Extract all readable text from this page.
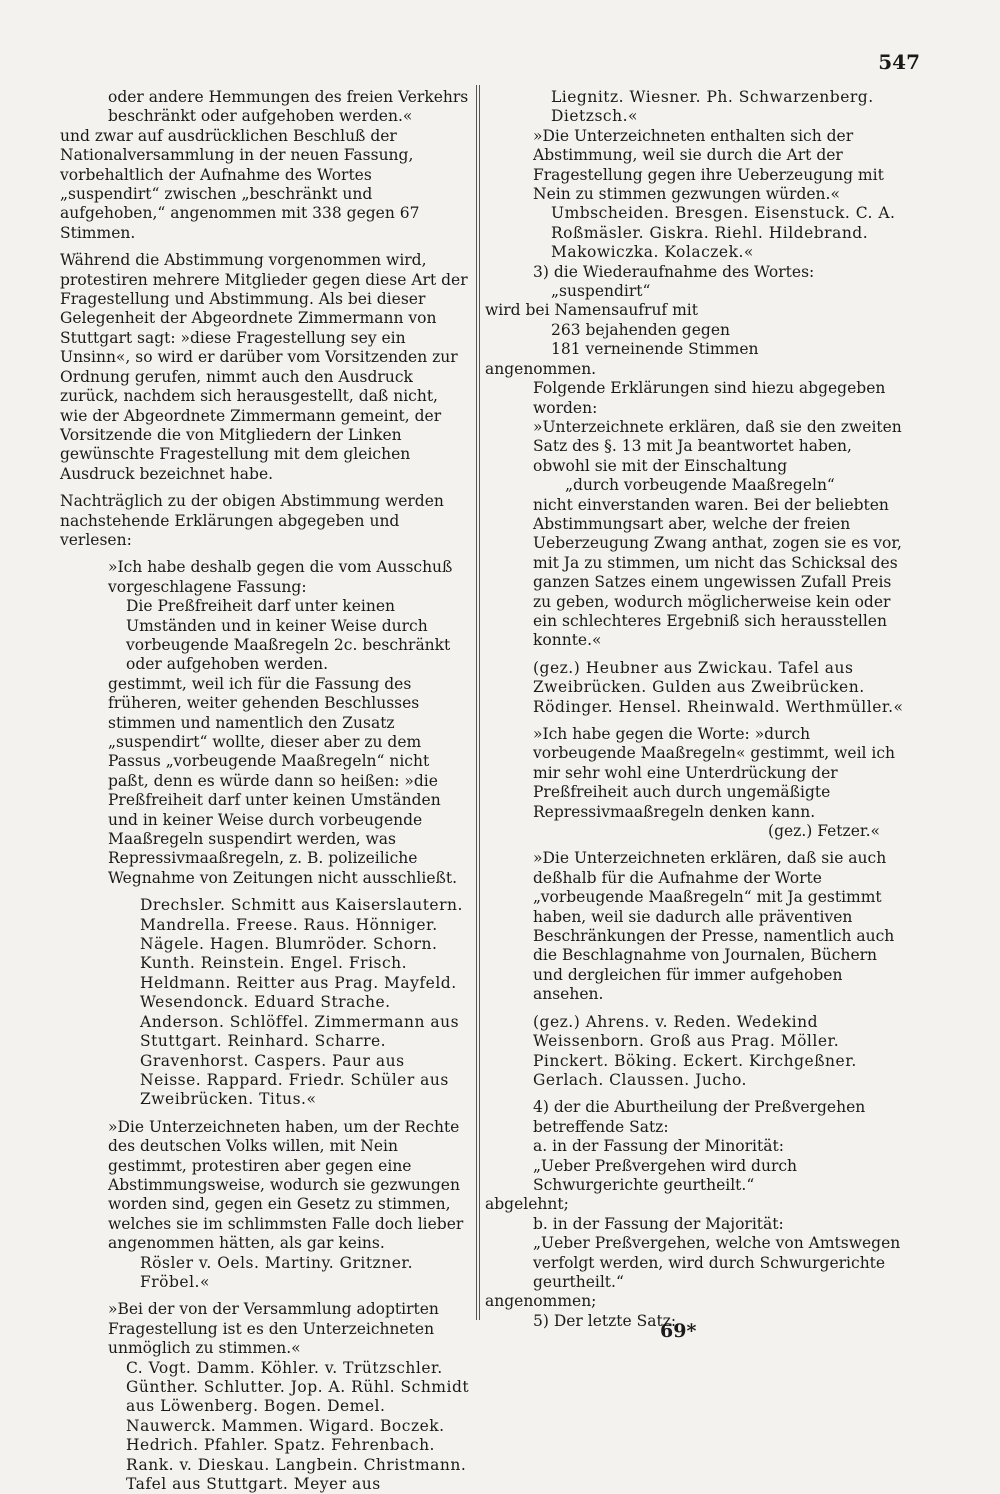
547

oder andere Hemmungen des freien Verkehrs beschränkt oder aufgehoben werden.«

und zwar auf ausdrücklichen Beschluß der Nationalversammlung in der neuen Fassung, vorbehaltlich der Aufnahme des Wortes „suspendirt“ zwischen „beschränkt und aufgehoben,“ angenommen mit 338 gegen 67 Stimmen.

Während die Abstimmung vorgenommen wird, protestiren mehrere Mitglieder gegen diese Art der Fragestellung und Abstimmung. Als bei dieser Gelegenheit der Abgeordnete Zimmermann von Stuttgart sagt: »diese Fragestellung sey ein Unsinn«, so wird er darüber vom Vorsitzenden zur Ordnung gerufen, nimmt auch den Ausdruck zurück, nachdem sich herausgestellt, daß nicht, wie der Abgeordnete Zimmermann gemeint, der Vorsitzende die von Mitgliedern der Linken gewünschte Fragestellung mit dem gleichen Ausdruck bezeichnet habe.

Nachträglich zu der obigen Abstimmung werden nachstehende Erklärungen abgegeben und verlesen:

»Ich habe deshalb gegen die vom Ausschuß vorgeschlagene Fassung:

Die Preßfreiheit darf unter keinen Umständen und in keiner Weise durch vorbeugende Maaßregeln 2c. beschränkt oder aufgehoben werden.

gestimmt, weil ich für die Fassung des früheren, weiter gehenden Beschlusses stimmen und namentlich den Zusatz „suspendirt“ wollte, dieser aber zu dem Passus „vorbeugende Maaßregeln“ nicht paßt, denn es würde dann so heißen: »die Preßfreiheit darf unter keinen Umständen und in keiner Weise durch vorbeugende Maaßregeln suspendirt werden, was Repressivmaaßregeln, z. B. polizeiliche Wegnahme von Zeitungen nicht ausschließt.

Drechsler. Schmitt aus Kaiserslautern. Mandrella. Freese. Raus. Hönniger. Nägele. Hagen. Blumröder. Schorn. Kunth. Reinstein. Engel. Frisch. Heldmann. Reitter aus Prag. Mayfeld. Wesendonck. Eduard Strache. Anderson. Schlöffel. Zimmermann aus Stuttgart. Reinhard. Scharre. Gravenhorst. Caspers. Paur aus Neisse. Rappard. Friedr. Schüler aus Zweibrücken. Titus.«

»Die Unterzeichneten haben, um der Rechte des deutschen Volks willen, mit Nein gestimmt, protestiren aber gegen eine Abstimmungsweise, wodurch sie gezwungen worden sind, gegen ein Gesetz zu stimmen, welches sie im schlimmsten Falle doch lieber angenommen hätten, als gar keins.

Rösler v. Oels. Martiny. Gritzner. Fröbel.«

»Bei der von der Versammlung adoptirten Fragestellung ist es den Unterzeichneten unmöglich zu stimmen.«

C. Vogt. Damm. Köhler. v. Trützschler. Günther. Schlutter. Jop. A. Rühl. Schmidt aus Löwenberg. Bogen. Demel. Nauwerck. Mammen. Wigard. Boczek. Hedrich. Pfahler. Spatz. Fehrenbach. Rank. v. Dieskau. Langbein. Christmann. Tafel aus Stuttgart. Meyer aus

Liegnitz. Wiesner. Ph. Schwarzenberg. Dietzsch.«

»Die Unterzeichneten enthalten sich der Abstimmung, weil sie durch die Art der Fragestellung gegen ihre Ueberzeugung mit Nein zu stimmen gezwungen würden.«

Umbscheiden. Bresgen. Eisenstuck. C. A. Roßmäsler. Giskra. Riehl. Hildebrand. Makowiczka. Kolaczek.«

3) die Wiederaufnahme des Wortes:

„suspendirt“

wird bei Namensaufruf mit

263 bejahenden gegen

181 verneinende Stimmen

angenommen.

Folgende Erklärungen sind hiezu abgegeben worden:

»Unterzeichnete erklären, daß sie den zweiten Satz des §. 13 mit Ja beantwortet haben, obwohl sie mit der Einschaltung

„durch vorbeugende Maaßregeln“

nicht einverstanden waren. Bei der beliebten Abstimmungsart aber, welche der freien Ueberzeugung Zwang anthat, zogen sie es vor, mit Ja zu stimmen, um nicht das Schicksal des ganzen Satzes einem ungewissen Zufall Preis zu geben, wodurch möglicherweise kein oder ein schlechteres Ergebniß sich herausstellen konnte.«

(gez.) Heubner aus Zwickau. Tafel aus Zweibrücken. Gulden aus Zweibrücken. Rödinger. Hensel. Rheinwald. Werthmüller.«

»Ich habe gegen die Worte: »durch vorbeugende Maaßregeln« gestimmt, weil ich mir sehr wohl eine Unterdrückung der Preßfreiheit auch durch ungemäßigte Repressivmaaßregeln denken kann.

(gez.) Fetzer.«

»Die Unterzeichneten erklären, daß sie auch deßhalb für die Aufnahme der Worte „vorbeugende Maaßregeln“ mit Ja gestimmt haben, weil sie dadurch alle präventiven Beschränkungen der Presse, namentlich auch die Beschlagnahme von Journalen, Büchern und dergleichen für immer aufgehoben ansehen.

(gez.) Ahrens. v. Reden. Wedekind Weissenborn. Groß aus Prag. Möller. Pinckert. Böking. Eckert. Kirchgeßner. Gerlach. Claussen. Jucho.

4) der die Aburtheilung der Preßvergehen betreffende Satz:

a. in der Fassung der Minorität:

„Ueber Preßvergehen wird durch Schwurgerichte geurtheilt.“

abgelehnt;

b. in der Fassung der Majorität:

„Ueber Preßvergehen, welche von Amtswegen verfolgt werden, wird durch Schwurgerichte geurtheilt.“

angenommen;

5) Der letzte Satz:

69*
